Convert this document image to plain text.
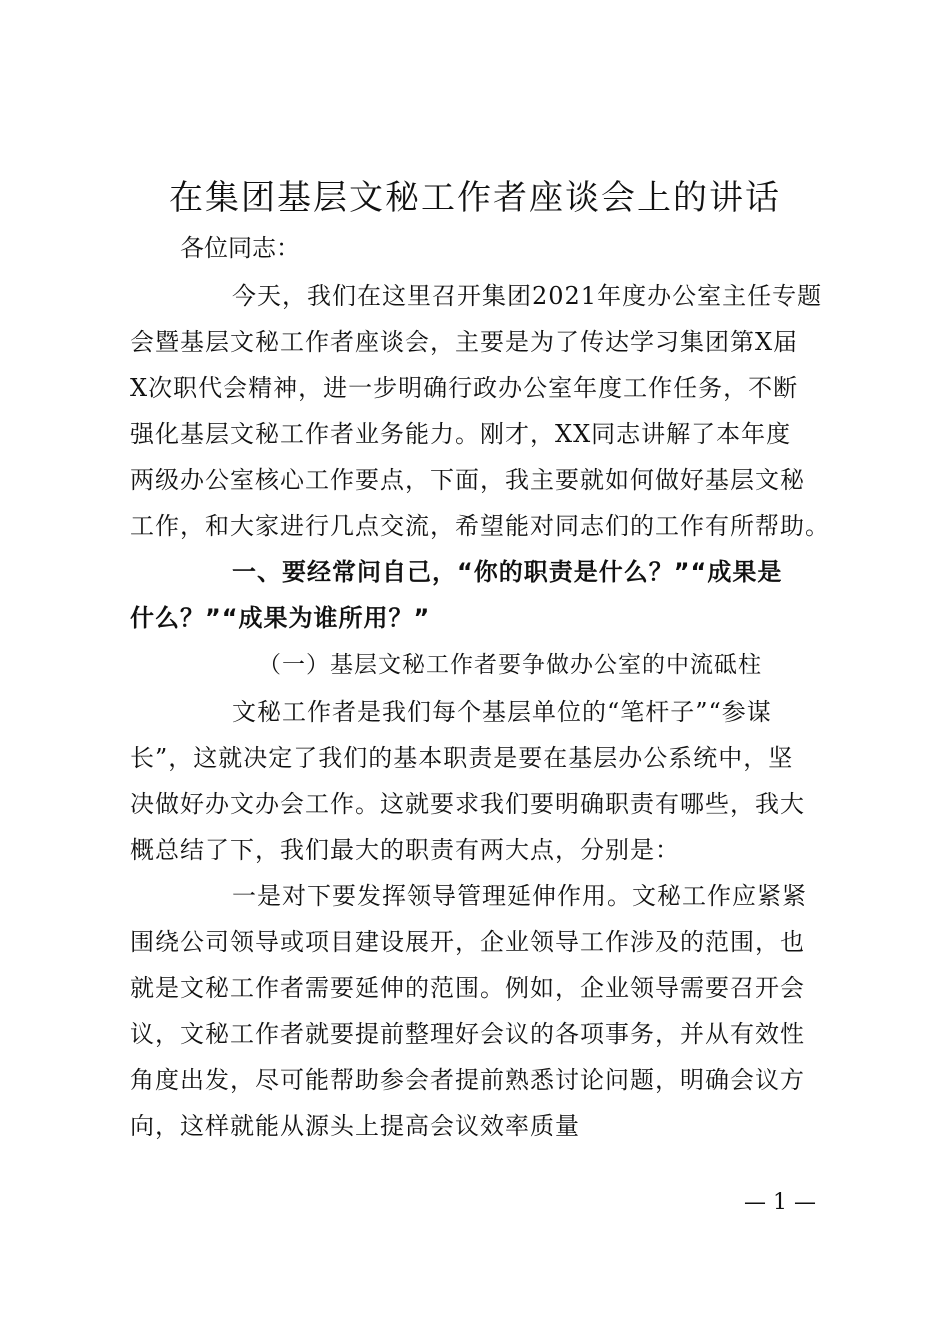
在集团基层文秘工作者座谈会上的讲话
各位同志：
今天，我们在这里召开集团2021年度办公室主任专题
会暨基层文秘工作者座谈会，主要是为了传达学习集团第X届
X次职代会精神，进一步明确行政办公室年度工作任务，不断
强化基层文秘工作者业务能力。刚才，XX同志讲解了本年度
两级办公室核心工作要点，下面，我主要就如何做好基层文秘
工作，和大家进行几点交流，希望能对同志们的工作有所帮助。
一、要经常问自己，“你的职责是什么？”“成果是
什么？”“成果为谁所用？”
（一）基层文秘工作者要争做办公室的中流砥柱
文秘工作者是我们每个基层单位的“笔杆子”“参谋
长”，这就决定了我们的基本职责是要在基层办公系统中，坚
决做好办文办会工作。这就要求我们要明确职责有哪些，我大
概总结了下，我们最大的职责有两大点，分别是：
一是对下要发挥领导管理延伸作用。文秘工作应紧紧
围绕公司领导或项目建设展开，企业领导工作涉及的范围，也
就是文秘工作者需要延伸的范围。例如，企业领导需要召开会
议，文秘工作者就要提前整理好会议的各项事务，并从有效性
角度出发，尽可能帮助参会者提前熟悉讨论问题，明确会议方
向，这样就能从源头上提高会议效率质量
— 1 —
